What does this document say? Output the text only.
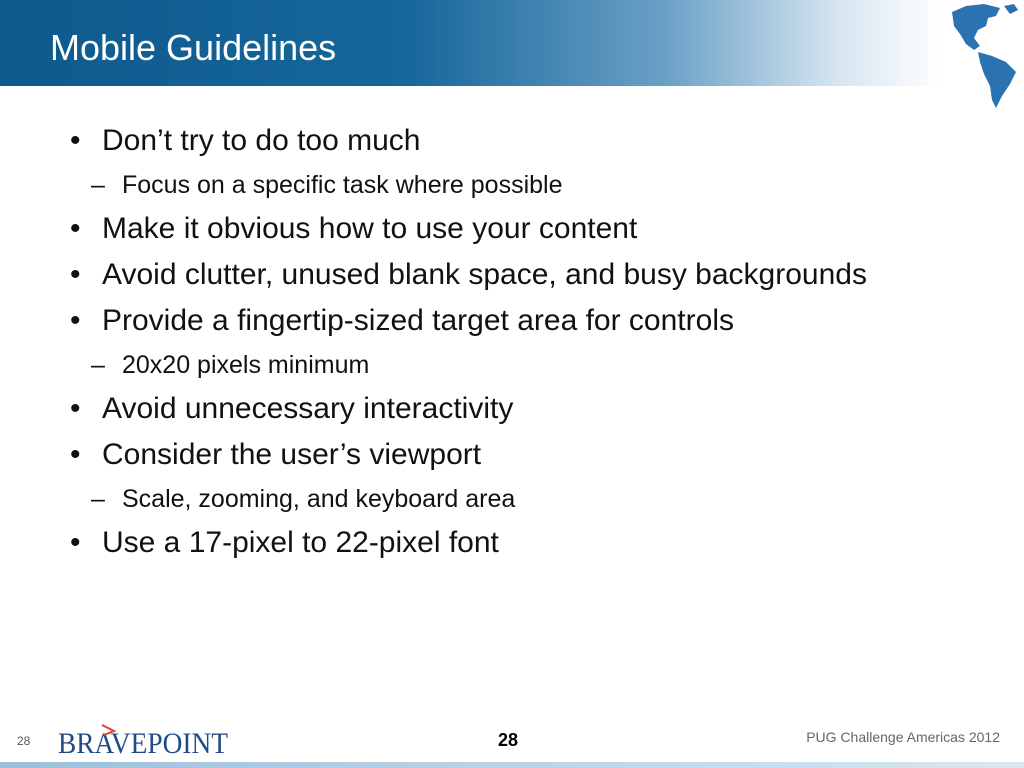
Mobile Guidelines
• Don’t try to do too much
– Focus on a specific task where possible
• Make it obvious how to use your content
• Avoid clutter, unused blank space, and busy backgrounds
• Provide a fingertip-sized target area for controls
– 20x20 pixels minimum
• Avoid unnecessary interactivity
• Consider the user’s viewport
– Scale, zooming, and keyboard area
• Use a 17-pixel to 22-pixel font
28 BRAVEPOINT	28	PUG Challenge Americas 2012
